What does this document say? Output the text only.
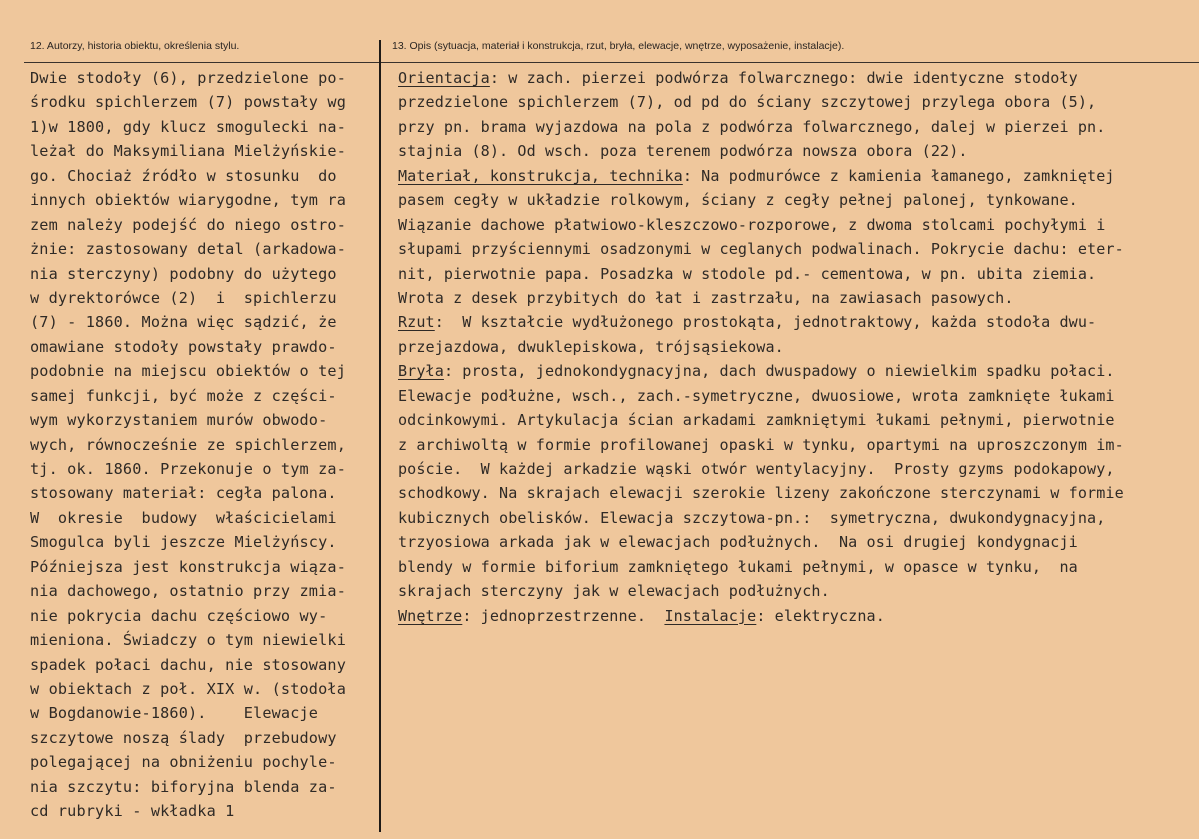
12. Autorzy, historia obiektu, określenia stylu.	13. Opis (sytuacja, materiał i konstrukcja, rzut, bryła, elewacje, wnętrze, wyposażenie, instalacje).
Dwie stodoły (6), przedzielone po-
środku spichlerzem (7) powstały wg
1)w 1800, gdy klucz smogulecki na-
leżał do Maksymiliana Mielżyńskie-
go. Chociaż źródło w stosunku  do
innych obiektów wiarygodne, tym ra
zem należy podejść do niego ostro-
żnie: zastosowany detal (arkadowa-
nia sterczyny) podobny do użytego
w dyrektorówce (2)  i  spichlerzu
(7) - 1860. Można więc sądzić, że
omawiane stodoły powstały prawdo-
podobnie na miejscu obiektów o tej
samej funkcji, być może z części-
wym wykorzystaniem murów obwodo-
wych, równocześnie ze spichlerzem,
tj. ok. 1860. Przekonuje o tym za-
stosowany materiał: cegła palona.
W  okresie  budowy  właścicielami
Smogulca byli jeszcze Mielżyńscy.
Późniejsza jest konstrukcja wiąza-
nia dachowego, ostatnio przy zmia-
nie pokrycia dachu częściowo wy-
mieniona. Świadczy o tym niewielki
spadek połaci dachu, nie stosowany
w obiektach z poł. XIX w. (stodoła
w Bogdanowie-1860).    Elewacje
szczytowe noszą ślady  przebudowy
polegającej na obniżeniu pochyle-
nia szczytu: biforyjna blenda za-
cd rubryki - wkładka 1
Orientacja: w zach. pierzei podwórza folwarcznego: dwie identyczne stodoły
przedzielone spichlerzem (7), od pd do ściany szczytowej przylega obora (5),
przy pn. brama wyjazdowa na pola z podwórza folwarcznego, dalej w pierzei pn.
stajnia (8). Od wsch. poza terenem podwórza nowsza obora (22).
Materiał, konstrukcja, technika: Na podmurówce z kamienia łamanego, zamkniętej
pasem cegły w układzie rolkowym, ściany z cegły pełnej palonej, tynkowane.
Wiązanie dachowe płatwiowo-kleszczowo-rozporowe, z dwoma stolcami pochyłymi i
słupami przyściennymi osadzonymi w ceglanych podwalinach. Pokrycie dachu: eter-
nit, pierwotnie papa. Posadzka w stodole pd.- cementowa, w pn. ubita ziemia.
Wrota z desek przybitych do łat i zastrzału, na zawiasach pasowych.
Rzut:  W kształcie wydłużonego prostokąta, jednotraktowy, każda stodoła dwu-
przejazdowa, dwuklepiskowa, trójsąsiekowa.
Bryła: prosta, jednokondygnacyjna, dach dwuspadowy o niewielkim spadku połaci.
Elewacje podłużne, wsch., zach.-symetryczne, dwuosiowe, wrota zamknięte łukami
odcinkowymi. Artykulacja ścian arkadami zamkniętymi łukami pełnymi, pierwotnie
z archiwoltą w formie profilowanej opaski w tynku, opartymi na uproszczonym im-
poście.  W każdej arkadzie wąski otwór wentylacyjny.  Prosty gzyms podokapowy,
schodkowy. Na skrajach elewacji szerokie lizeny zakończone sterczynami w formie
kubicznych obelisków. Elewacja szczytowa-pn.:  symetryczna, dwukondygnacyjna,
trzyosiowa arkada jak w elewacjach podłużnych.  Na osi drugiej kondygnacji
blendy w formie biforium zamkniętego łukami pełnymi, w opasce w tynku,  na
skrajach sterczyny jak w elewacjach podłużnych.
Wnętrze: jednoprzestrzenne.  Instalacje: elektryczna.
